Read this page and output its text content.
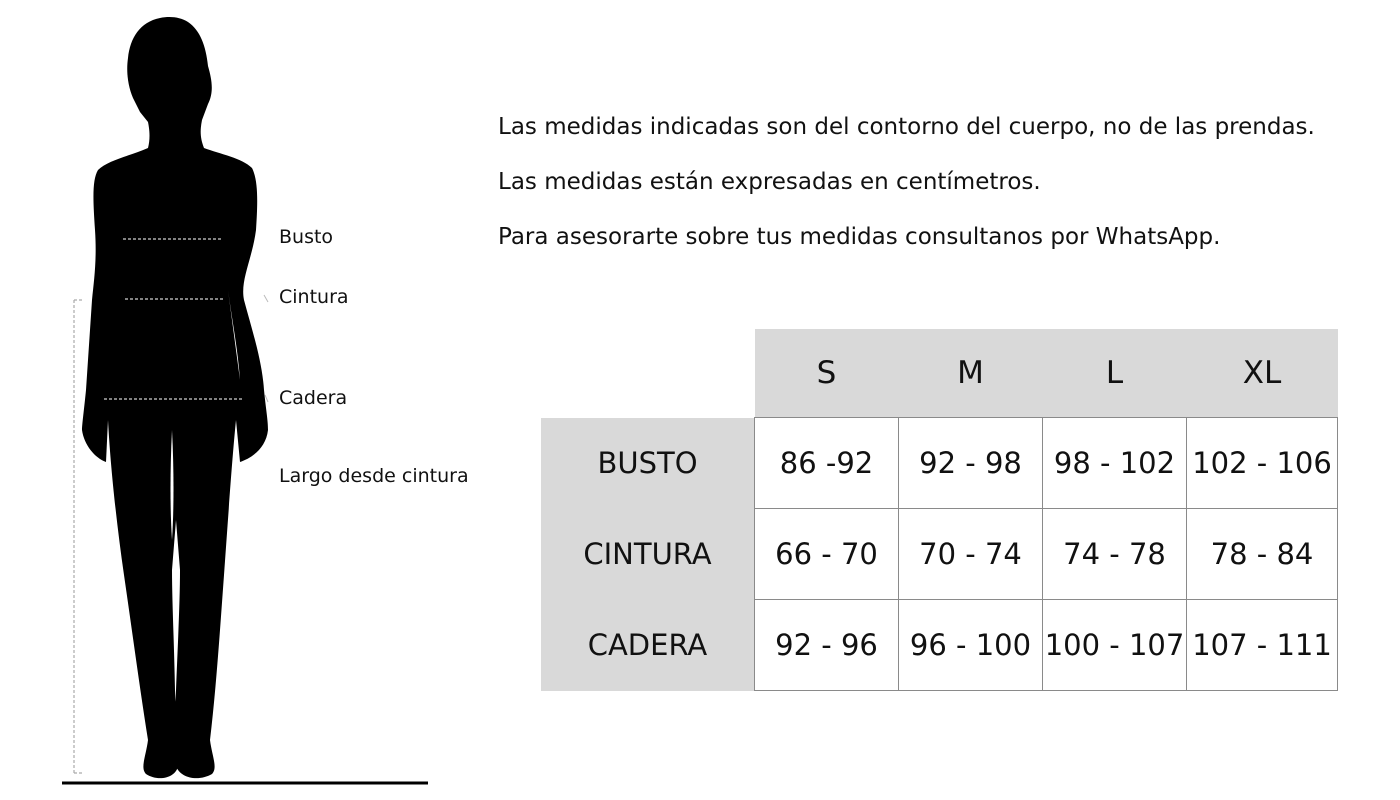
Busto
Cintura
Cadera
Largo desde cintura

Las medidas indicadas son del contorno del cuerpo, no de las prendas.

Las medidas están expresadas en centímetros.

Para asesorarte sobre tus medidas consultanos por WhatsApp.

	S	M	L	XL
BUSTO	86 -92	92 - 98	98 - 102	102 - 106
CINTURA	66 - 70	70 - 74	74 - 78	78 - 84
CADERA	92 - 96	96 - 100	100 - 107	107 - 111
